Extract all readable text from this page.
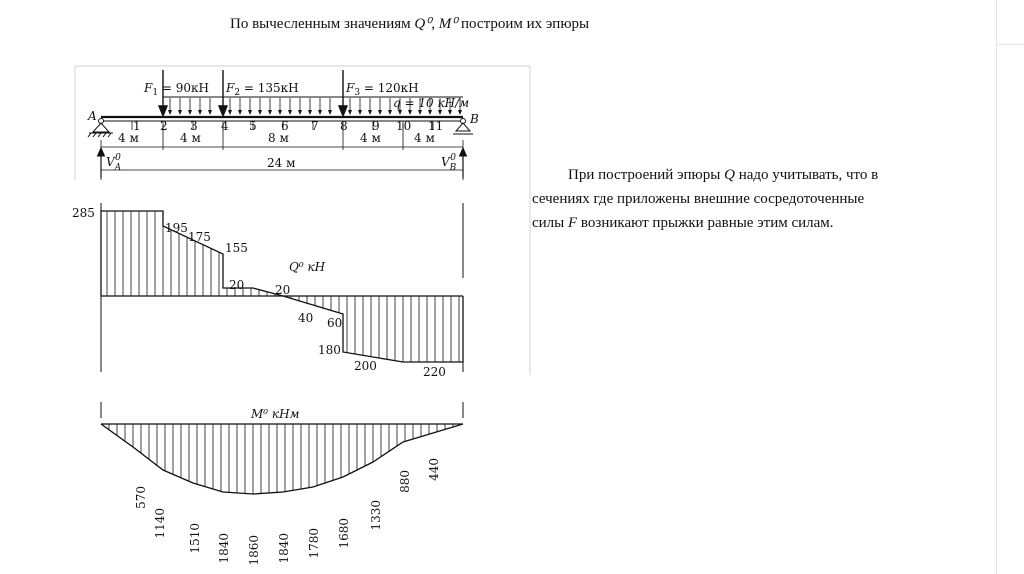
По вычесленным значениям Q⁰, M⁰ построим их эпюры
При построений эпюры Q надо учитывать, что в сечениях где приложены внешние сосредоточенные силы F возникают прыжки равные этим силам.
A	B
$F_1 = 90кН$ $F_2 = 135кН$	$F_3 = 120кН$
q = 10 кН/м
1 2 3 4 5 6 7 8 9 10 11
4 м	4 м	8 м	4 м	4 м
24 м
$V_A0$	$V_B0$
Q⁰ кН
285
195
175
155
20	20
40 60
180
200	220
M⁰ кНм
570
1140 1510 1840 1860 1840 1780 1680
1330
880
440
